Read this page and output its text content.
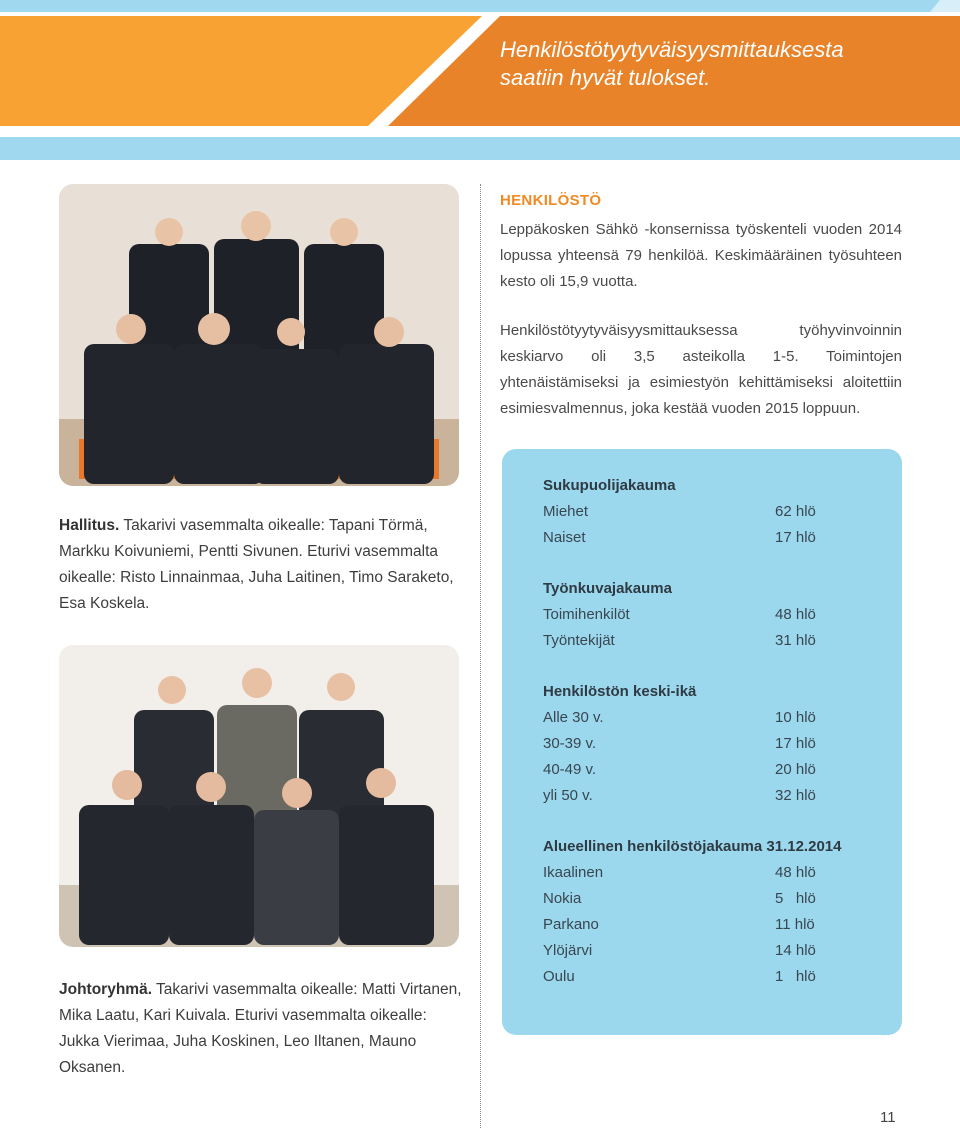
Henkilöstötyytyväisyysmittauksesta
saatiin hyvät tulokset.
Hallitus. Takarivi vasemmalta oikealle: Tapani Törmä, Markku Koivuniemi, Pentti Sivunen. Eturivi vasemmalta oikealle: Risto Linnainmaa, Juha Laitinen, Timo Saraketo, Esa Koskela.
Johtoryhmä. Takarivi vasemmalta oikealle: Matti Virtanen, Mika Laatu, Kari Kuivala. Eturivi vasemmalta oikealle: Jukka Vierimaa, Juha Koskinen, Leo Iltanen, Mauno Oksanen.
HENKILÖSTÖ
Leppäkosken Sähkö -konsernissa työskenteli vuoden 2014 lopussa yhteensä 79 henkilöä. Keskimääräinen työsuhteen kesto oli 15,9 vuotta.
Henkilöstötyytyväisyysmittauksessa työhyvinvoinnin keskiarvo oli 3,5 asteikolla 1-5. Toimintojen yhtenäistämiseksi ja esimiestyön kehittämiseksi aloitettiin esimiesvalmennus, joka kestää vuoden 2015 loppuun.
Sukupuolijakauma
Miehet	62 hlö
Naiset	17 hlö
Työnkuvajakauma
Toimihenkilöt	48 hlö
Työntekijät	31 hlö
Henkilöstön keski-ikä
Alle 30 v.	10 hlö
30-39 v.	17 hlö
40-49 v.	20 hlö
yli 50 v.	32 hlö
Alueellinen henkilöstöjakauma 31.12.2014
Ikaalinen	48 hlö
Nokia	5   hlö
Parkano	11 hlö
Ylöjärvi	14 hlö
Oulu	1   hlö
11
